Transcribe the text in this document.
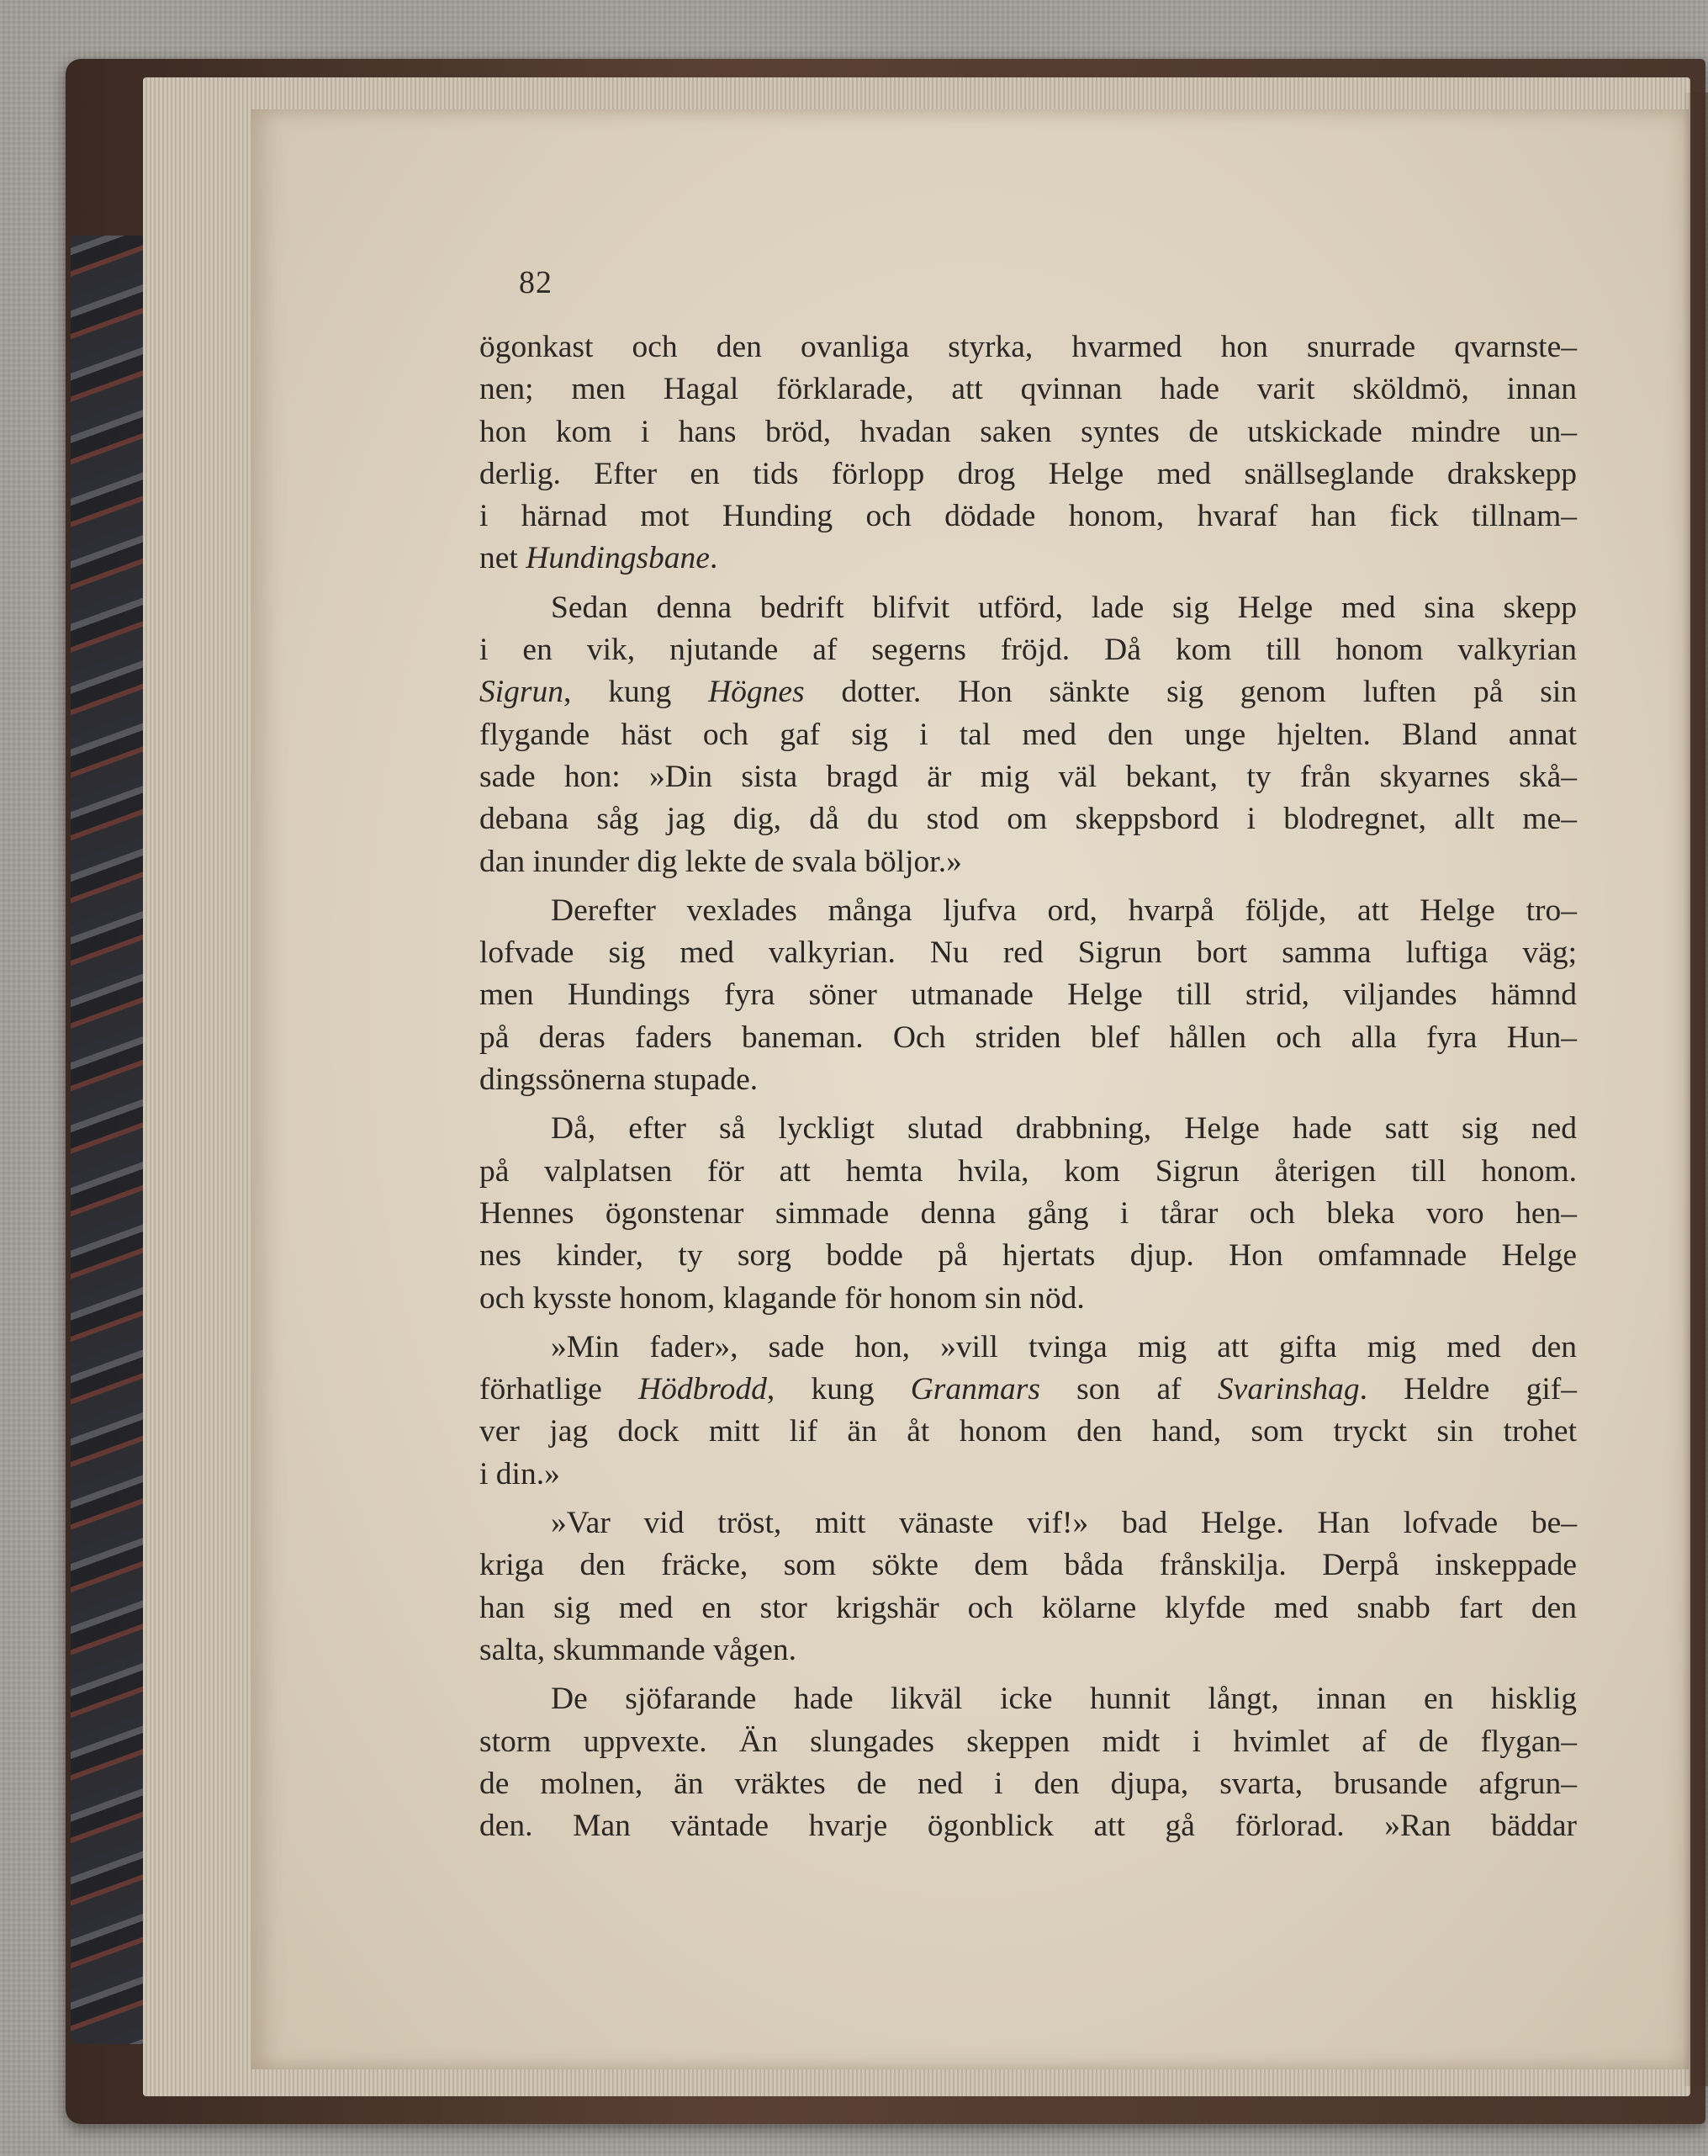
82
ögonkast och den ovanliga styrka, hvarmed hon snurrade qvarnste–
nen; men Hagal förklarade, att qvinnan hade varit sköldmö, innan
hon kom i hans bröd, hvadan saken syntes de utskickade mindre un–
derlig. Efter en tids förlopp drog Helge med snällseglande drakskepp
i härnad mot Hunding och dödade honom, hvaraf han fick tillnam–
net Hundingsbane.
Sedan denna bedrift blifvit utförd, lade sig Helge med sina skepp
i en vik, njutande af segerns fröjd. Då kom till honom valkyrian
Sigrun, kung Högnes dotter. Hon sänkte sig genom luften på sin
flygande häst och gaf sig i tal med den unge hjelten. Bland annat
sade hon: »Din sista bragd är mig väl bekant, ty från skyarnes skå–
debana såg jag dig, då du stod om skeppsbord i blodregnet, allt me–
dan inunder dig lekte de svala böljor.»
Derefter vexlades många ljufva ord, hvarpå följde, att Helge tro–
lofvade sig med valkyrian. Nu red Sigrun bort samma luftiga väg;
men Hundings fyra söner utmanade Helge till strid, viljandes hämnd
på deras faders baneman. Och striden blef hållen och alla fyra Hun–
dingssönerna stupade.
Då, efter så lyckligt slutad drabbning, Helge hade satt sig ned
på valplatsen för att hemta hvila, kom Sigrun återigen till honom.
Hennes ögonstenar simmade denna gång i tårar och bleka voro hen–
nes kinder, ty sorg bodde på hjertats djup. Hon omfamnade Helge
och kysste honom, klagande för honom sin nöd.
»Min fader», sade hon, »vill tvinga mig att gifta mig med den
förhatlige Hödbrodd, kung Granmars son af Svarinshag. Heldre gif–
ver jag dock mitt lif än åt honom den hand, som tryckt sin trohet
i din.»
»Var vid tröst, mitt vänaste vif!» bad Helge. Han lofvade be–
kriga den fräcke, som sökte dem båda frånskilja. Derpå inskeppade
han sig med en stor krigshär och kölarne klyfde med snabb fart den
salta, skummande vågen.
De sjöfarande hade likväl icke hunnit långt, innan en hisklig
storm uppvexte. Än slungades skeppen midt i hvimlet af de flygan–
de molnen, än vräktes de ned i den djupa, svarta, brusande afgrun–
den. Man väntade hvarje ögonblick att gå förlorad. »Ran bäddar
